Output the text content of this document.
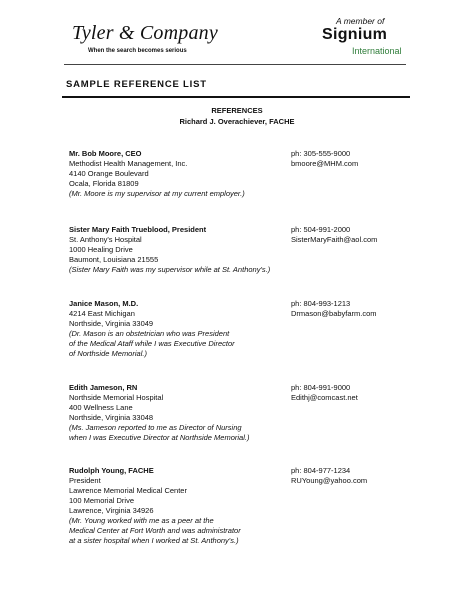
Tyler & Company
When the search becomes serious
A member of
Signium
International
SAMPLE REFERENCE LIST
REFERENCES
Richard J. Overachiever, FACHE
Mr. Bob Moore, CEO
Methodist Health Management, Inc.
4140 Orange Boulevard
Ocala, Florida 81809
(Mr. Moore is my supervisor at my current employer.)
ph: 305-555-9000
bmoore@MHM.com
Sister Mary Faith Trueblood, President
St. Anthony's Hospital
1000 Healing Drive
Baumont, Louisiana 21555
(Sister Mary Faith was my supervisor while at St. Anthony's.)
ph: 504-991-2000
SisterMaryFaith@aol.com
Janice Mason, M.D.
4214 East Michigan
Northside, Virginia 33049
(Dr. Mason is an obstetrician who was President
of the Medical Ataff while I was Executive Director
of Northside Memorial.)
ph: 804-993-1213
Drmason@babyfarm.com
Edith Jameson, RN
Northside Memorial Hospital
400 Wellness Lane
Northside, Virginia 33048
(Ms. Jameson reported to me as Director of Nursing
when I was Executive Director at Northside Memorial.)
ph: 804-991-9000
Edithj@comcast.net
Rudolph Young, FACHE
President
Lawrence Memorial Medical Center
100 Memorial Drive
Lawrence, Virginia 34926
(Mr. Young worked with me as a peer at the
Medical Center at Fort Worth and was administrator
at a sister hospital when I worked at St. Anthony's.)
ph: 804-977-1234
RUYoung@yahoo.com
